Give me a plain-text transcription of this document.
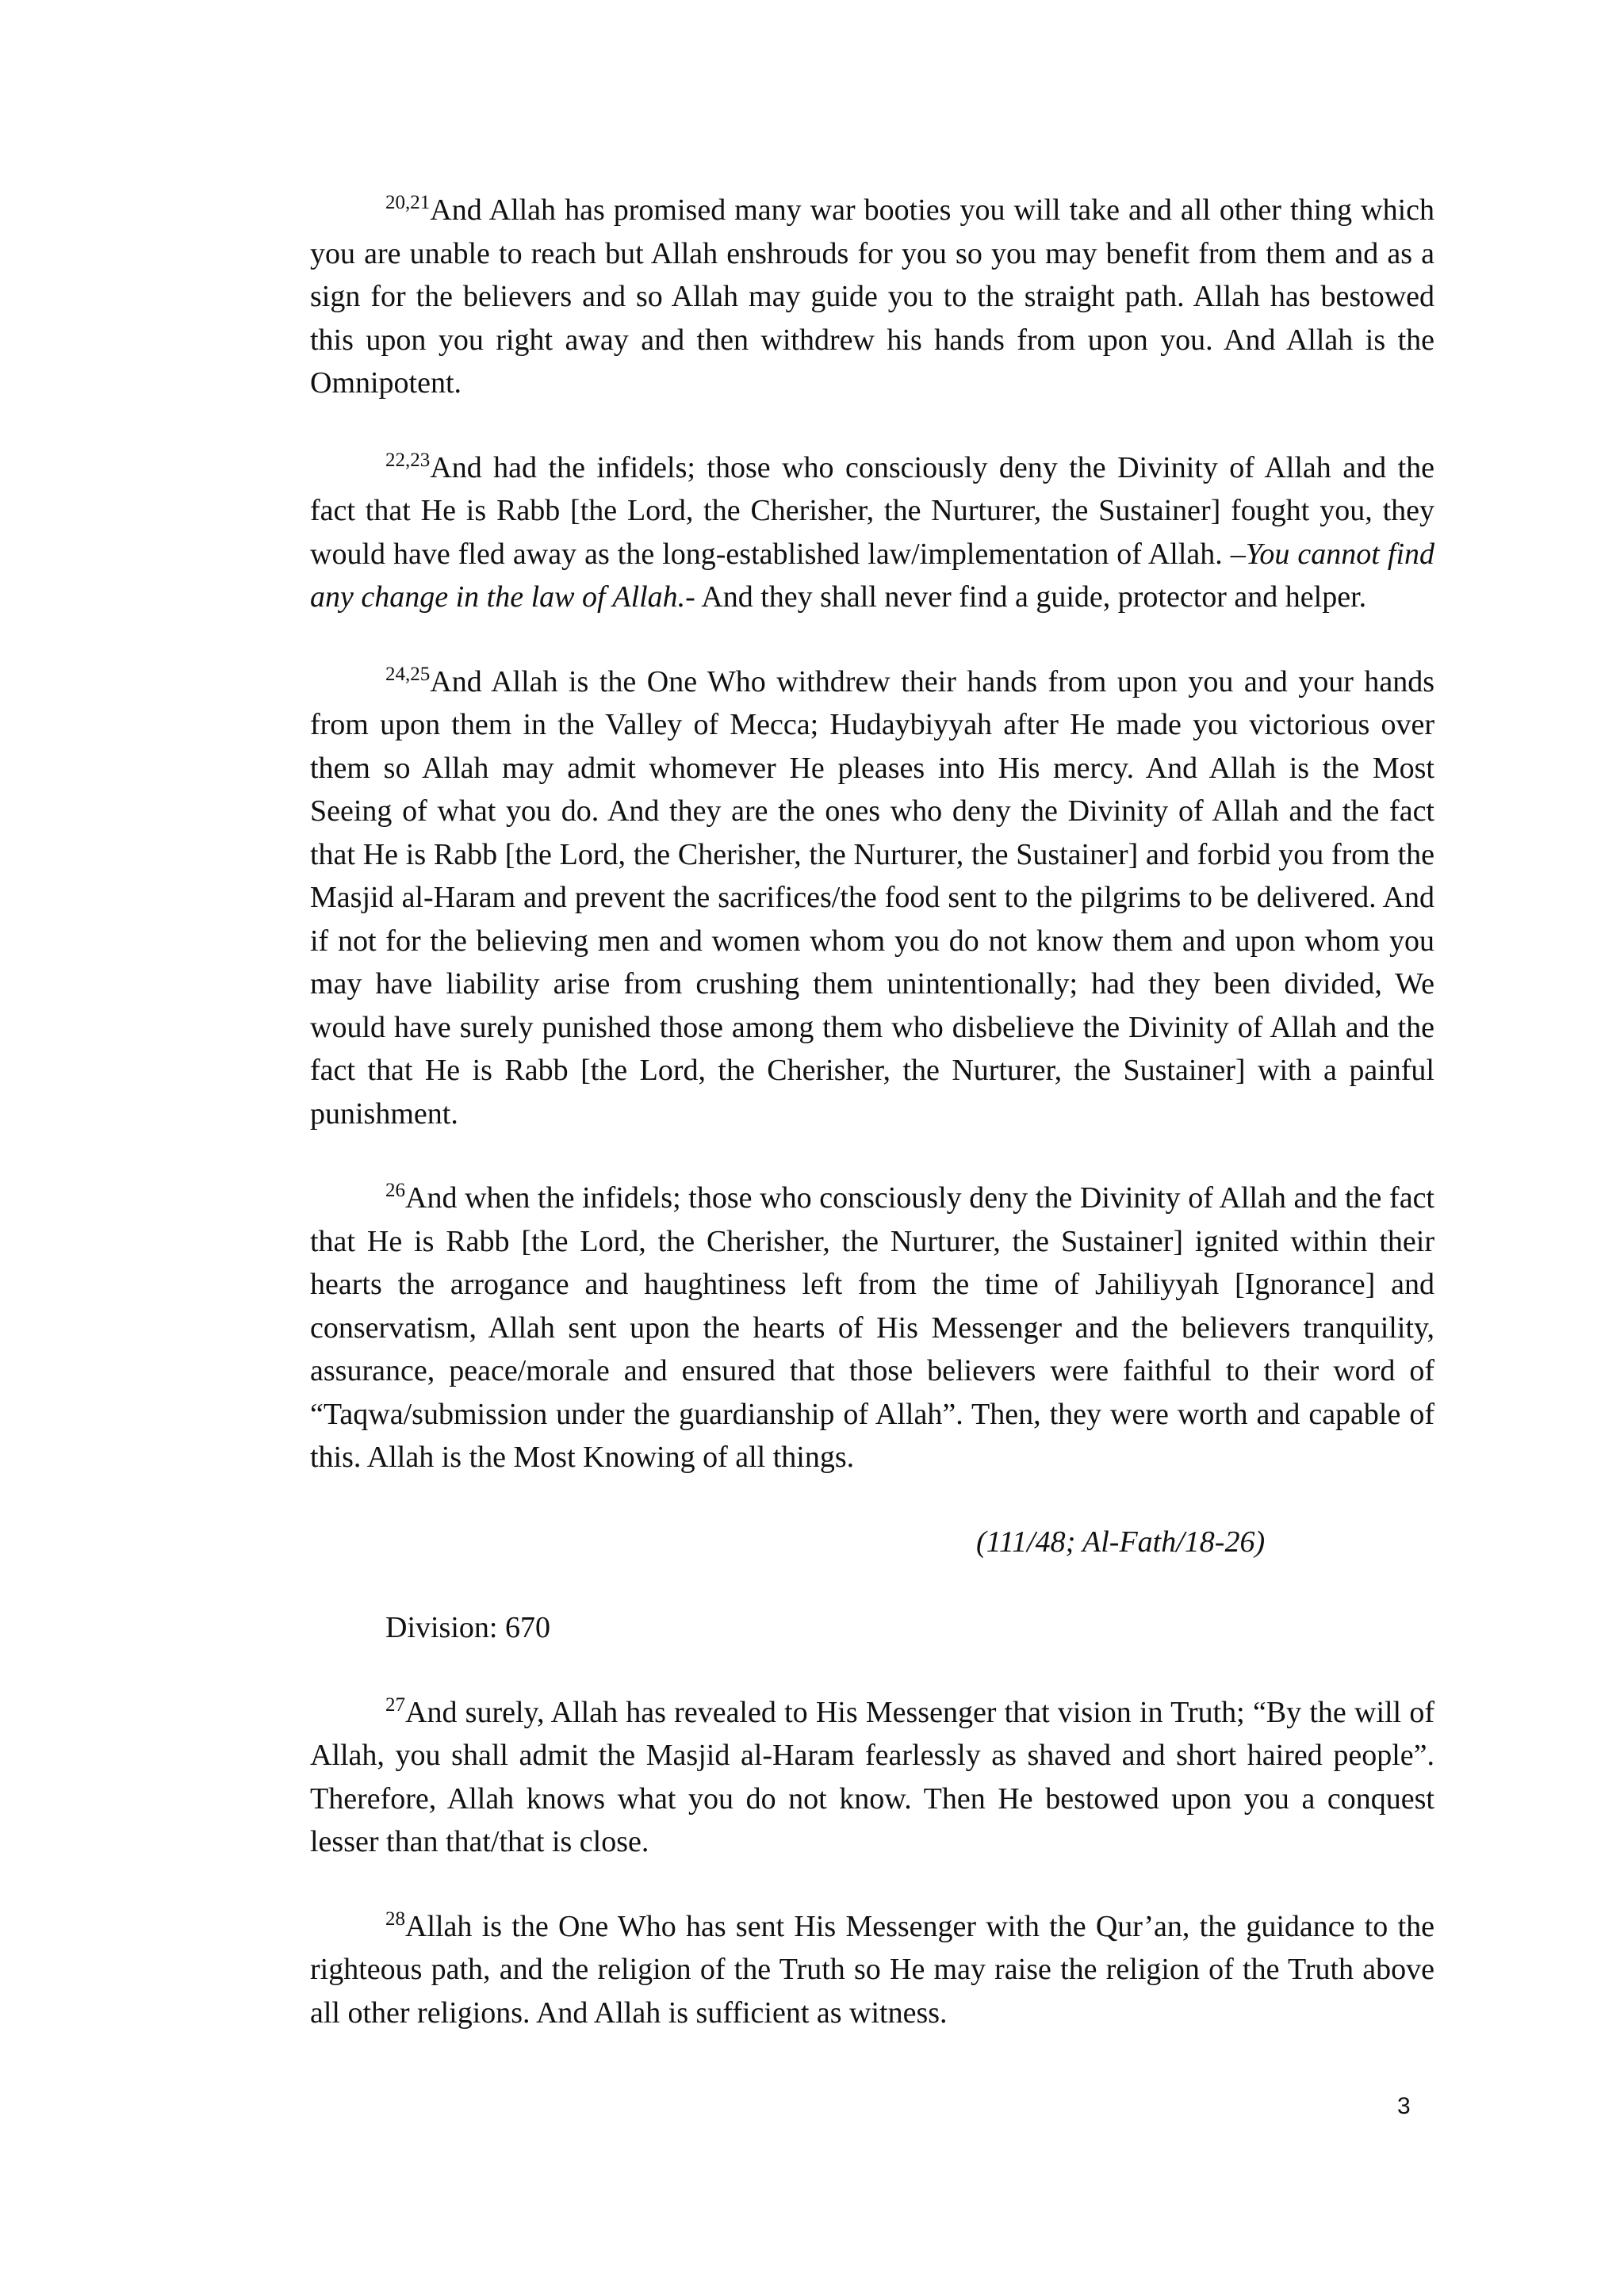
$^{20,21}$And Allah has promised many war booties you will take and all other thing which you are unable to reach but Allah enshrouds for you so you may benefit from them and as a sign for the believers and so Allah may guide you to the straight path. Allah has bestowed this upon you right away and then withdrew his hands from upon you. And Allah is the Omnipotent.

$^{22,23}$And had the infidels; those who consciously deny the Divinity of Allah and the fact that He is Rabb [the Lord, the Cherisher, the Nurturer, the Sustainer] fought you, they would have fled away as the long-established law/implementation of Allah. –You cannot find any change in the law of Allah.- And they shall never find a guide, protector and helper.

$^{24,25}$And Allah is the One Who withdrew their hands from upon you and your hands from upon them in the Valley of Mecca; Hudaybiyyah after He made you victorious over them so Allah may admit whomever He pleases into His mercy. And Allah is the Most Seeing of what you do. And they are the ones who deny the Divinity of Allah and the fact that He is Rabb [the Lord, the Cherisher, the Nurturer, the Sustainer] and forbid you from the Masjid al-Haram and prevent the sacrifices/the food sent to the pilgrims to be delivered. And if not for the believing men and women whom you do not know them and upon whom you may have liability arise from crushing them unintentionally; had they been divided, We would have surely punished those among them who disbelieve the Divinity of Allah and the fact that He is Rabb [the Lord, the Cherisher, the Nurturer, the Sustainer] with a painful punishment.

$^{26}$And when the infidels; those who consciously deny the Divinity of Allah and the fact that He is Rabb [the Lord, the Cherisher, the Nurturer, the Sustainer] ignited within their hearts the arrogance and haughtiness left from the time of Jahiliyyah [Ignorance] and conservatism, Allah sent upon the hearts of His Messenger and the believers tranquility, assurance, peace/morale and ensured that those believers were faithful to their word of “Taqwa/submission under the guardianship of Allah”. Then, they were worth and capable of this. Allah is the Most Knowing of all things.

(111/48; Al-Fath/18-26)
Division: 670

$^{27}$And surely, Allah has revealed to His Messenger that vision in Truth; “By the will of Allah, you shall admit the Masjid al-Haram fearlessly as shaved and short haired people”. Therefore, Allah knows what you do not know. Then He bestowed upon you a conquest lesser than that/that is close.

$^{28}$Allah is the One Who has sent His Messenger with the Qur’an, the guidance to the righteous path, and the religion of the Truth so He may raise the religion of the Truth above all other religions. And Allah is sufficient as witness.

3
